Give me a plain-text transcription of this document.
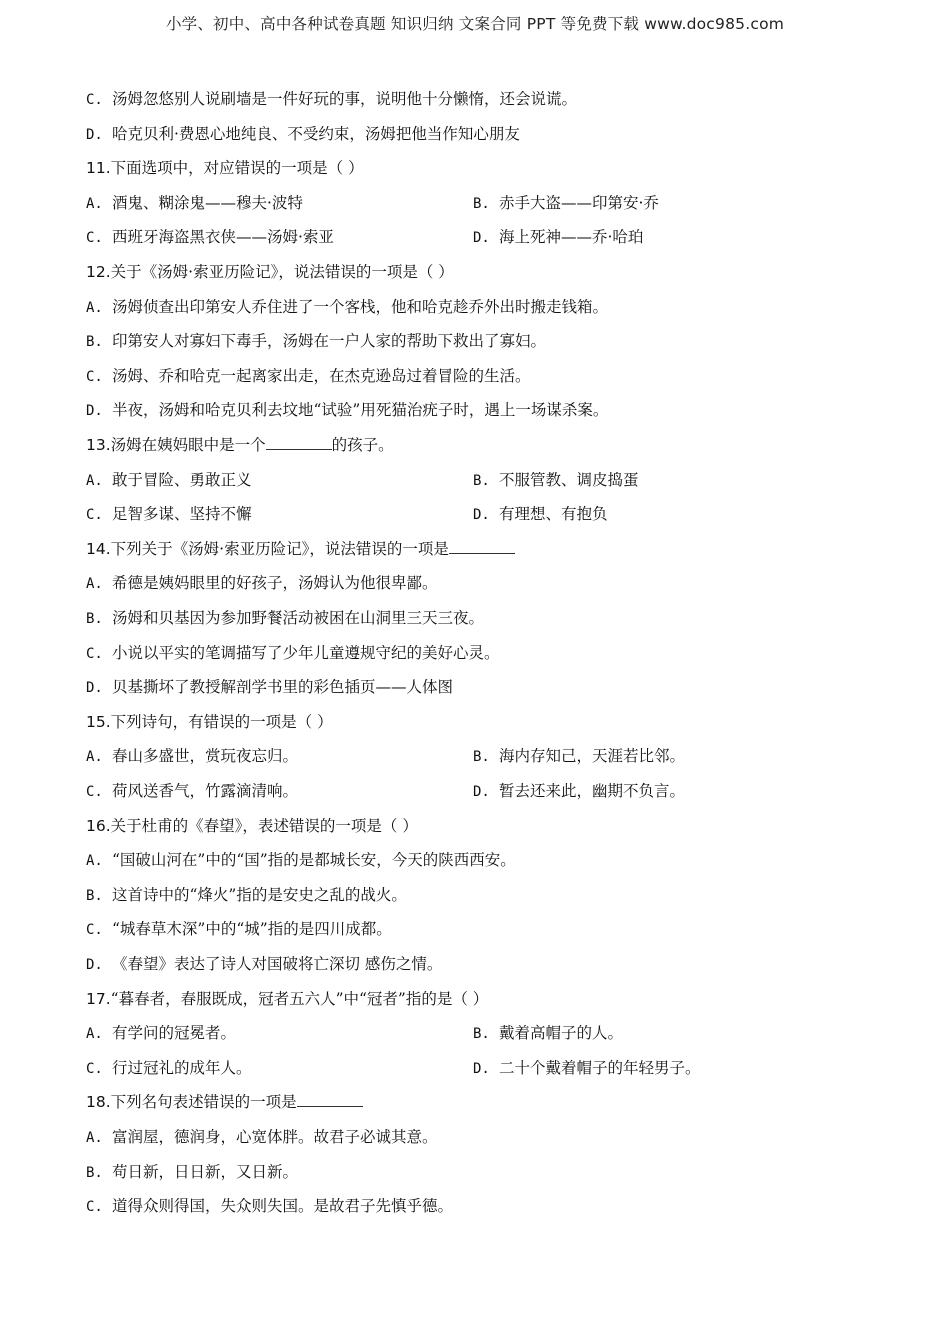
小学、初中、高中各种试卷真题 知识归纳 文案合同 PPT 等免费下载 www.doc985.com
C. 汤姆忽悠别人说刷墙是一件好玩的事，说明他十分懒惰，还会说谎。
D. 哈克贝利·费恩心地纯良、不受约束，汤姆把他当作知心朋友
11.下面选项中，对应错误的一项是（ ）
A. 酒鬼、糊涂鬼——穆夫·波特	B. 赤手大盗——印第安·乔
C. 西班牙海盗黑衣侠——汤姆·索亚	D. 海上死神——乔·哈珀
12.关于《汤姆·索亚历险记》，说法错误的一项是（ ）
A. 汤姆侦查出印第安人乔住进了一个客栈，他和哈克趁乔外出时搬走钱箱。
B. 印第安人对寡妇下毒手，汤姆在一户人家的帮助下救出了寡妇。
C. 汤姆、乔和哈克一起离家出走，在杰克逊岛过着冒险的生活。
D. 半夜，汤姆和哈克贝利去坟地“试验”用死猫治疣子时，遇上一场谋杀案。
13.汤姆在姨妈眼中是一个	的孩子。
A. 敢于冒险、勇敢正义	B. 不服管教、调皮捣蛋
C. 足智多谋、坚持不懈	D. 有理想、有抱负
14.下列关于《汤姆·索亚历险记》，说法错误的一项是
A. 希德是姨妈眼里的好孩子，汤姆认为他很卑鄙。
B. 汤姆和贝基因为参加野餐活动被困在山洞里三天三夜。
C. 小说以平实的笔调描写了少年儿童遵规守纪的美好心灵。
D. 贝基撕坏了教授解剖学书里的彩色插页——人体图
15.下列诗句，有错误的一项是（ ）
A. 春山多盛世，赏玩夜忘归。	B. 海内存知己，天涯若比邻。
C. 荷风送香气，竹露滴清响。	D. 暂去还来此，幽期不负言。
16.关于杜甫的《春望》，表述错误的一项是（ ）
A. “国破山河在”中的“国”指的是都城长安，今天的陕西西安。
B. 这首诗中的“烽火”指的是安史之乱的战火。
C. “城春草木深”中的“城”指的是四川成都。
D. 《春望》表达了诗人对国破将亡深切 感伤之情。
17.“暮春者，春服既成，冠者五六人”中“冠者”指的是（ ）
A. 有学问的冠冕者。	B. 戴着高帽子的人。
C. 行过冠礼的成年人。	D. 二十个戴着帽子的年轻男子。
18.下列名句表述错误的一项是
A. 富润屋，德润身，心宽体胖。故君子必诚其意。
B. 苟日新，日日新，又日新。
C. 道得众则得国，失众则失国。是故君子先慎乎德。
